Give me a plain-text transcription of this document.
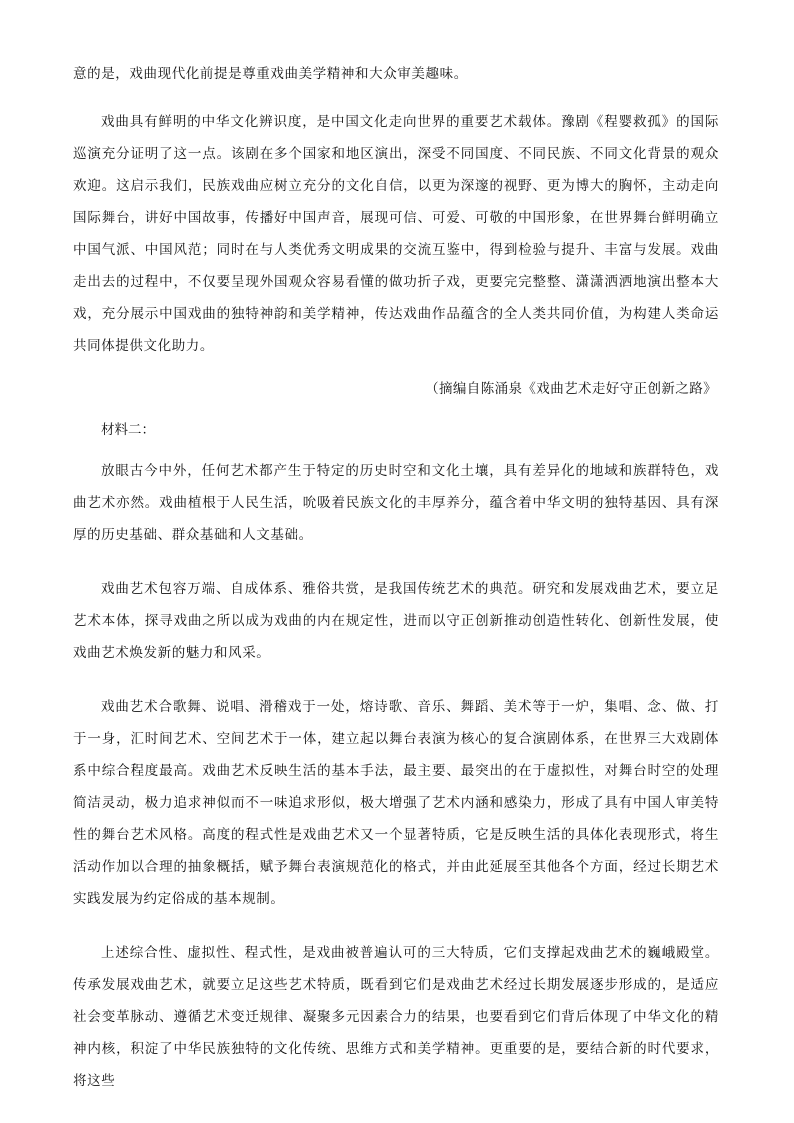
意的是，戏曲现代化前提是尊重戏曲美学精神和大众审美趣味。

戏曲具有鲜明的中华文化辨识度，是中国文化走向世界的重要艺术载体。豫剧《程婴救孤》的国际巡演充分证明了这一点。该剧在多个国家和地区演出，深受不同国度、不同民族、不同文化背景的观众欢迎。这启示我们，民族戏曲应树立充分的文化自信，以更为深邃的视野、更为博大的胸怀，主动走向国际舞台，讲好中国故事，传播好中国声音，展现可信、可爱、可敬的中国形象，在世界舞台鲜明确立中国气派、中国风范；同时在与人类优秀文明成果的交流互鉴中，得到检验与提升、丰富与发展。戏曲走出去的过程中，不仅要呈现外国观众容易看懂的做功折子戏，更要完完整整、潇潇洒洒地演出整本大戏，充分展示中国戏曲的独特神韵和美学精神，传达戏曲作品蕴含的全人类共同价值，为构建人类命运共同体提供文化助力。

（摘编自陈涌泉《戏曲艺术走好守正创新之路》
材料二：

放眼古今中外，任何艺术都产生于特定的历史时空和文化土壤，具有差异化的地域和族群特色，戏曲艺术亦然。戏曲植根于人民生活，吮吸着民族文化的丰厚养分，蕴含着中华文明的独特基因、具有深厚的历史基础、群众基础和人文基础。

戏曲艺术包容万端、自成体系、雅俗共赏，是我国传统艺术的典范。研究和发展戏曲艺术，要立足艺术本体，探寻戏曲之所以成为戏曲的内在规定性，进而以守正创新推动创造性转化、创新性发展，使戏曲艺术焕发新的魅力和风采。

戏曲艺术合歌舞、说唱、滑稽戏于一处，熔诗歌、音乐、舞蹈、美术等于一炉，集唱、念、做、打于一身，汇时间艺术、空间艺术于一体，建立起以舞台表演为核心的复合演剧体系，在世界三大戏剧体系中综合程度最高。戏曲艺术反映生活的基本手法，最主要、最突出的在于虚拟性，对舞台时空的处理简洁灵动，极力追求神似而不一味追求形似，极大增强了艺术内涵和感染力，形成了具有中国人审美特性的舞台艺术风格。高度的程式性是戏曲艺术又一个显著特质，它是反映生活的具体化表现形式，将生活动作加以合理的抽象概括，赋予舞台表演规范化的格式，并由此延展至其他各个方面，经过长期艺术实践发展为约定俗成的基本规制。

上述综合性、虚拟性、程式性，是戏曲被普遍认可的三大特质，它们支撑起戏曲艺术的巍峨殿堂。传承发展戏曲艺术，就要立足这些艺术特质，既看到它们是戏曲艺术经过长期发展逐步形成的，是适应社会变革脉动、遵循艺术变迁规律、凝聚多元因素合力的结果，也要看到它们背后体现了中华文化的精神内核，积淀了中华民族独特的文化传统、思维方式和美学精神。更重要的是，要结合新的时代要求，将这些
